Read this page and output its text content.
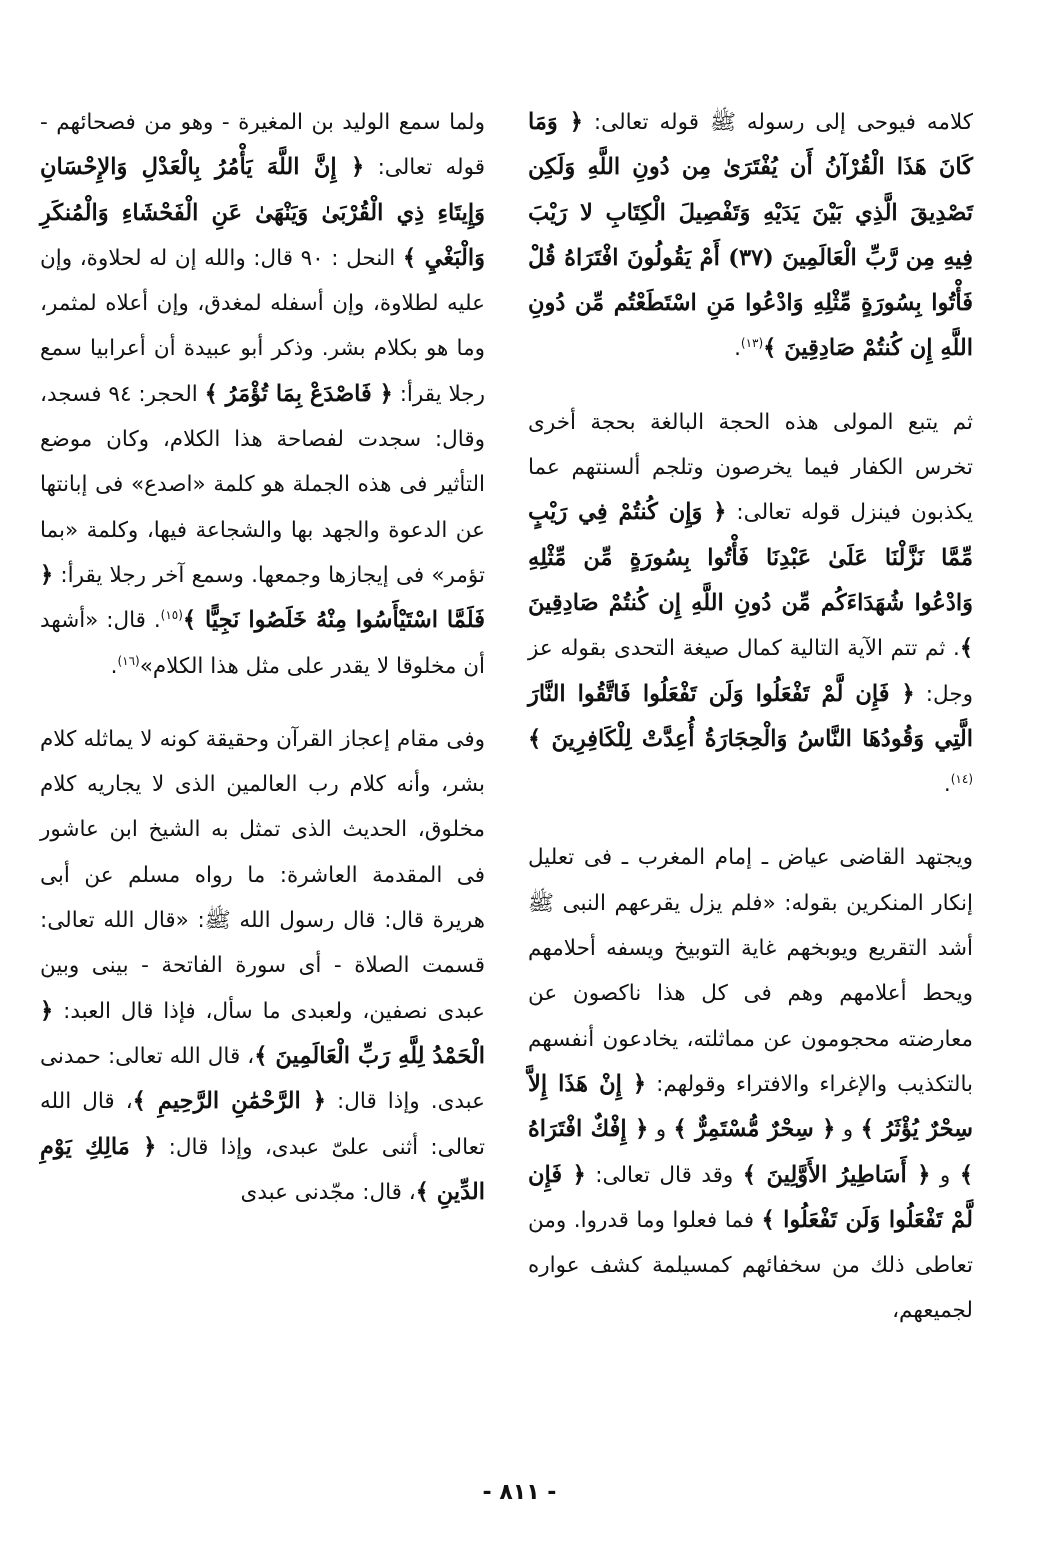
كلامه فيوحى إلى رسوله ﷺ قوله تعالى: ﴿ وَمَا كَانَ هَذَا الْقُرْآنُ أَن يُفْتَرَىٰ مِن دُونِ اللَّهِ وَلَكِن تَصْدِيقَ الَّذِي بَيْنَ يَدَيْهِ وَتَفْصِيلَ الْكِتَابِ لا رَيْبَ فِيهِ مِن رَّبِّ الْعَالَمِينَ (٣٧) أَمْ يَقُولُونَ افْتَرَاهُ قُلْ فَأْتُوا بِسُورَةٍ مِّثْلِهِ وَادْعُوا مَنِ اسْتَطَعْتُم مِّن دُونِ اللَّهِ إِن كُنتُمْ صَادِقِينَ ﴾$^{(١٣)}$.

ثم يتبع المولى هذه الحجة البالغة بحجة أخرى تخرس الكفار فيما يخرصون وتلجم ألسنتهم عما يكذبون فينزل قوله تعالى: ﴿ وَإِن كُنتُمْ فِي رَيْبٍ مِّمَّا نَزَّلْنَا عَلَىٰ عَبْدِنَا فَأْتُوا بِسُورَةٍ مِّن مِّثْلِهِ وَادْعُوا شُهَدَاءَكُم مِّن دُونِ اللَّهِ إِن كُنتُمْ صَادِقِينَ ﴾. ثم تتم الآية التالية كمال صيغة التحدى بقوله عز وجل: ﴿ فَإِن لَّمْ تَفْعَلُوا وَلَن تَفْعَلُوا فَاتَّقُوا النَّارَ الَّتِي وَقُودُهَا النَّاسُ وَالْحِجَارَةُ أُعِدَّتْ لِلْكَافِرِينَ ﴾$^{(١٤)}$.

ويجتهد القاضى عياض ـ إمام المغرب ـ فى تعليل إنكار المنكرين بقوله: «فلم يزل يقرعهم النبى ﷺ أشد التقريع ويوبخهم غاية التوبيخ ويسفه أحلامهم ويحط أعلامهم وهم فى كل هذا ناكصون عن معارضته محجومون عن مماثلته، يخادعون أنفسهم بالتكذيب والإغراء والافتراء وقولهم: ﴿ إِنْ هَذَا إِلاَّ سِحْرٌ يُؤْثَرُ ﴾ و ﴿ سِحْرٌ مُّسْتَمِرٌّ ﴾ و ﴿ إِفْكٌ افْتَرَاهُ ﴾ و ﴿ أَسَاطِيرُ الأَوَّلِينَ ﴾ وقد قال تعالى: ﴿ فَإِن لَّمْ تَفْعَلُوا وَلَن تَفْعَلُوا ﴾ فما فعلوا وما قدروا. ومن تعاطى ذلك من سخفائهم كمسيلمة كشف عواره لجميعهم،

ولما سمع الوليد بن المغيرة - وهو من فصحائهم - قوله تعالى: ﴿ إِنَّ اللَّهَ يَأْمُرُ بِالْعَدْلِ وَالإِحْسَانِ وَإِيتَاءِ ذِي الْقُرْبَىٰ وَيَنْهَىٰ عَنِ الْفَحْشَاءِ وَالْمُنكَرِ وَالْبَغْيِ ﴾ النحل : ٩٠ قال: والله إن له لحلاوة، وإن عليه لطلاوة، وإن أسفله لمغدق، وإن أعلاه لمثمر، وما هو بكلام بشر. وذكر أبو عبيدة أن أعرابيا سمع رجلا يقرأ: ﴿ فَاصْدَعْ بِمَا تُؤْمَرُ ﴾ الحجر: ٩٤ فسجد، وقال: سجدت لفصاحة هذا الكلام، وكان موضع التأثير فى هذه الجملة هو كلمة «اصدع» فى إبانتها عن الدعوة والجهد بها والشجاعة فيها، وكلمة «بما تؤمر» فى إيجازها وجمعها. وسمع آخر رجلا يقرأ: ﴿ فَلَمَّا اسْتَيْأَسُوا مِنْهُ خَلَصُوا نَجِيًّا ﴾$^{(١٥)}$. قال: «أشهد أن مخلوقا لا يقدر على مثل هذا الكلام»$^{(١٦)}$.

وفى مقام إعجاز القرآن وحقيقة كونه لا يماثله كلام بشر، وأنه كلام رب العالمين الذى لا يجاريه كلام مخلوق، الحديث الذى تمثل به الشيخ ابن عاشور فى المقدمة العاشرة: ما رواه مسلم عن أبى هريرة قال: قال رسول الله ﷺ: «قال الله تعالى: قسمت الصلاة - أى سورة الفاتحة - بينى وبين عبدى نصفين، ولعبدى ما سأل، فإذا قال العبد: ﴿ الْحَمْدُ لِلَّهِ رَبِّ الْعَالَمِينَ ﴾، قال الله تعالى: حمدنى عبدى. وإذا قال: ﴿ الرَّحْمَٰنِ الرَّحِيمِ ﴾، قال الله تعالى: أثنى علىّ عبدى، وإذا قال: ﴿ مَالِكِ يَوْمِ الدِّينِ ﴾، قال: مجّدنى عبدى

- ٨١١ -
